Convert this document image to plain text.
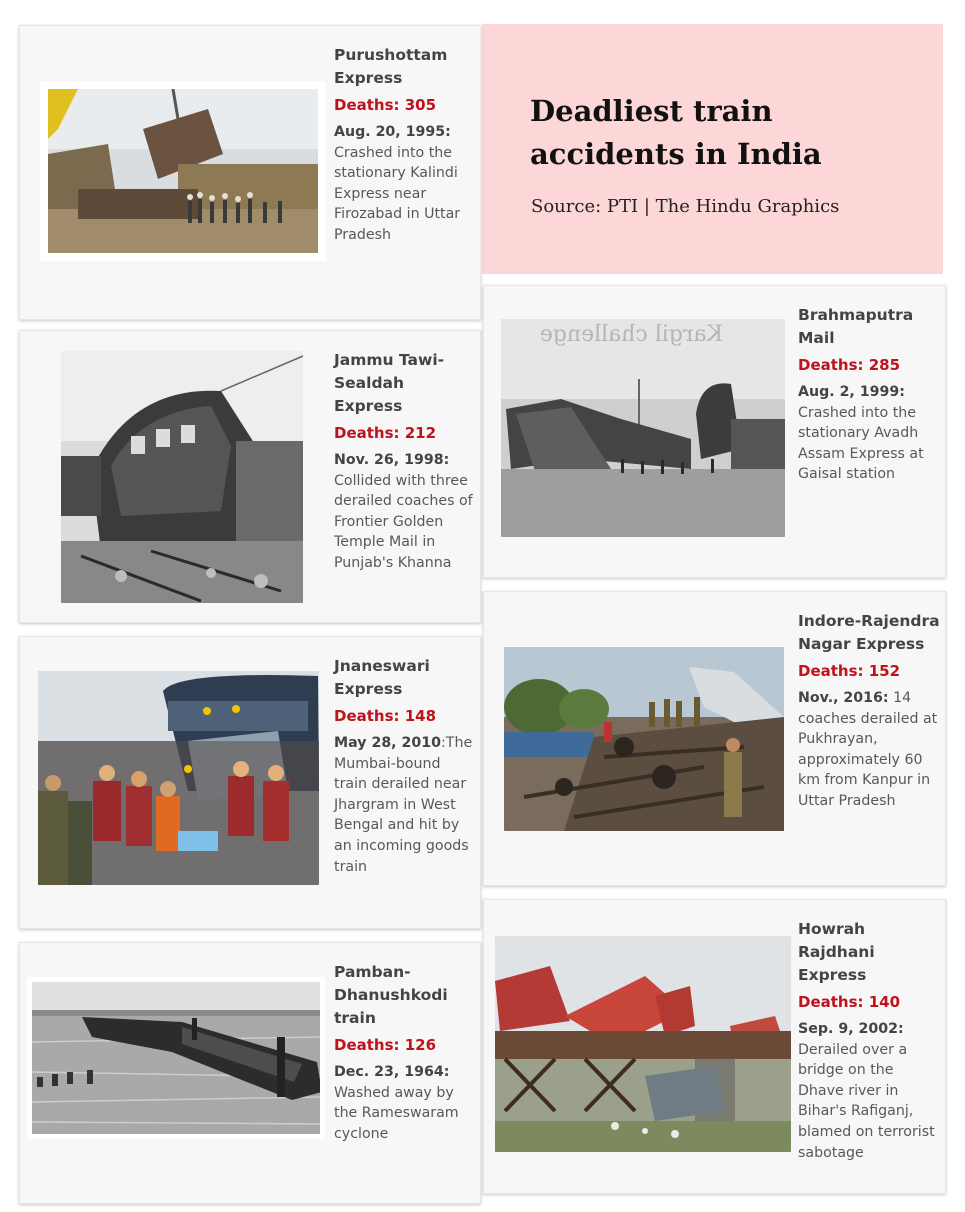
Deadliest train accidents in India
Source: PTI | The Hindu Graphics
Purushottam Express
Deaths: 305
Aug. 20, 1995:
Crashed into the stationary Kalindi Express near Firozabad in Uttar Pradesh
Jammu Tawi-Sealdah Express
Deaths: 212
Nov. 26, 1998:
Collided with three derailed coaches of Frontier Golden Temple Mail in Punjab's Khanna
Jnaneswari Express
Deaths: 148
May 28, 2010:The Mumbai-bound train derailed near Jhargram in West Bengal and hit by an incoming goods train
Pamban-Dhanushkodi train
Deaths: 126
Dec. 23, 1964:
Washed away by the Rameswaram cyclone
Kargil challenge
Brahmaputra Mail
Deaths: 285
Aug. 2, 1999:
Crashed into the stationary Avadh Assam Express at Gaisal station
Indore-Rajendra Nagar Express
Deaths: 152
Nov., 2016: 14 coaches derailed at Pukhrayan, approximately 60 km from Kanpur in Uttar Pradesh
Howrah Rajdhani Express
Deaths: 140
Sep. 9, 2002:
Derailed over a bridge on the Dhave river in Bihar's Rafiganj, blamed on terrorist sabotage
